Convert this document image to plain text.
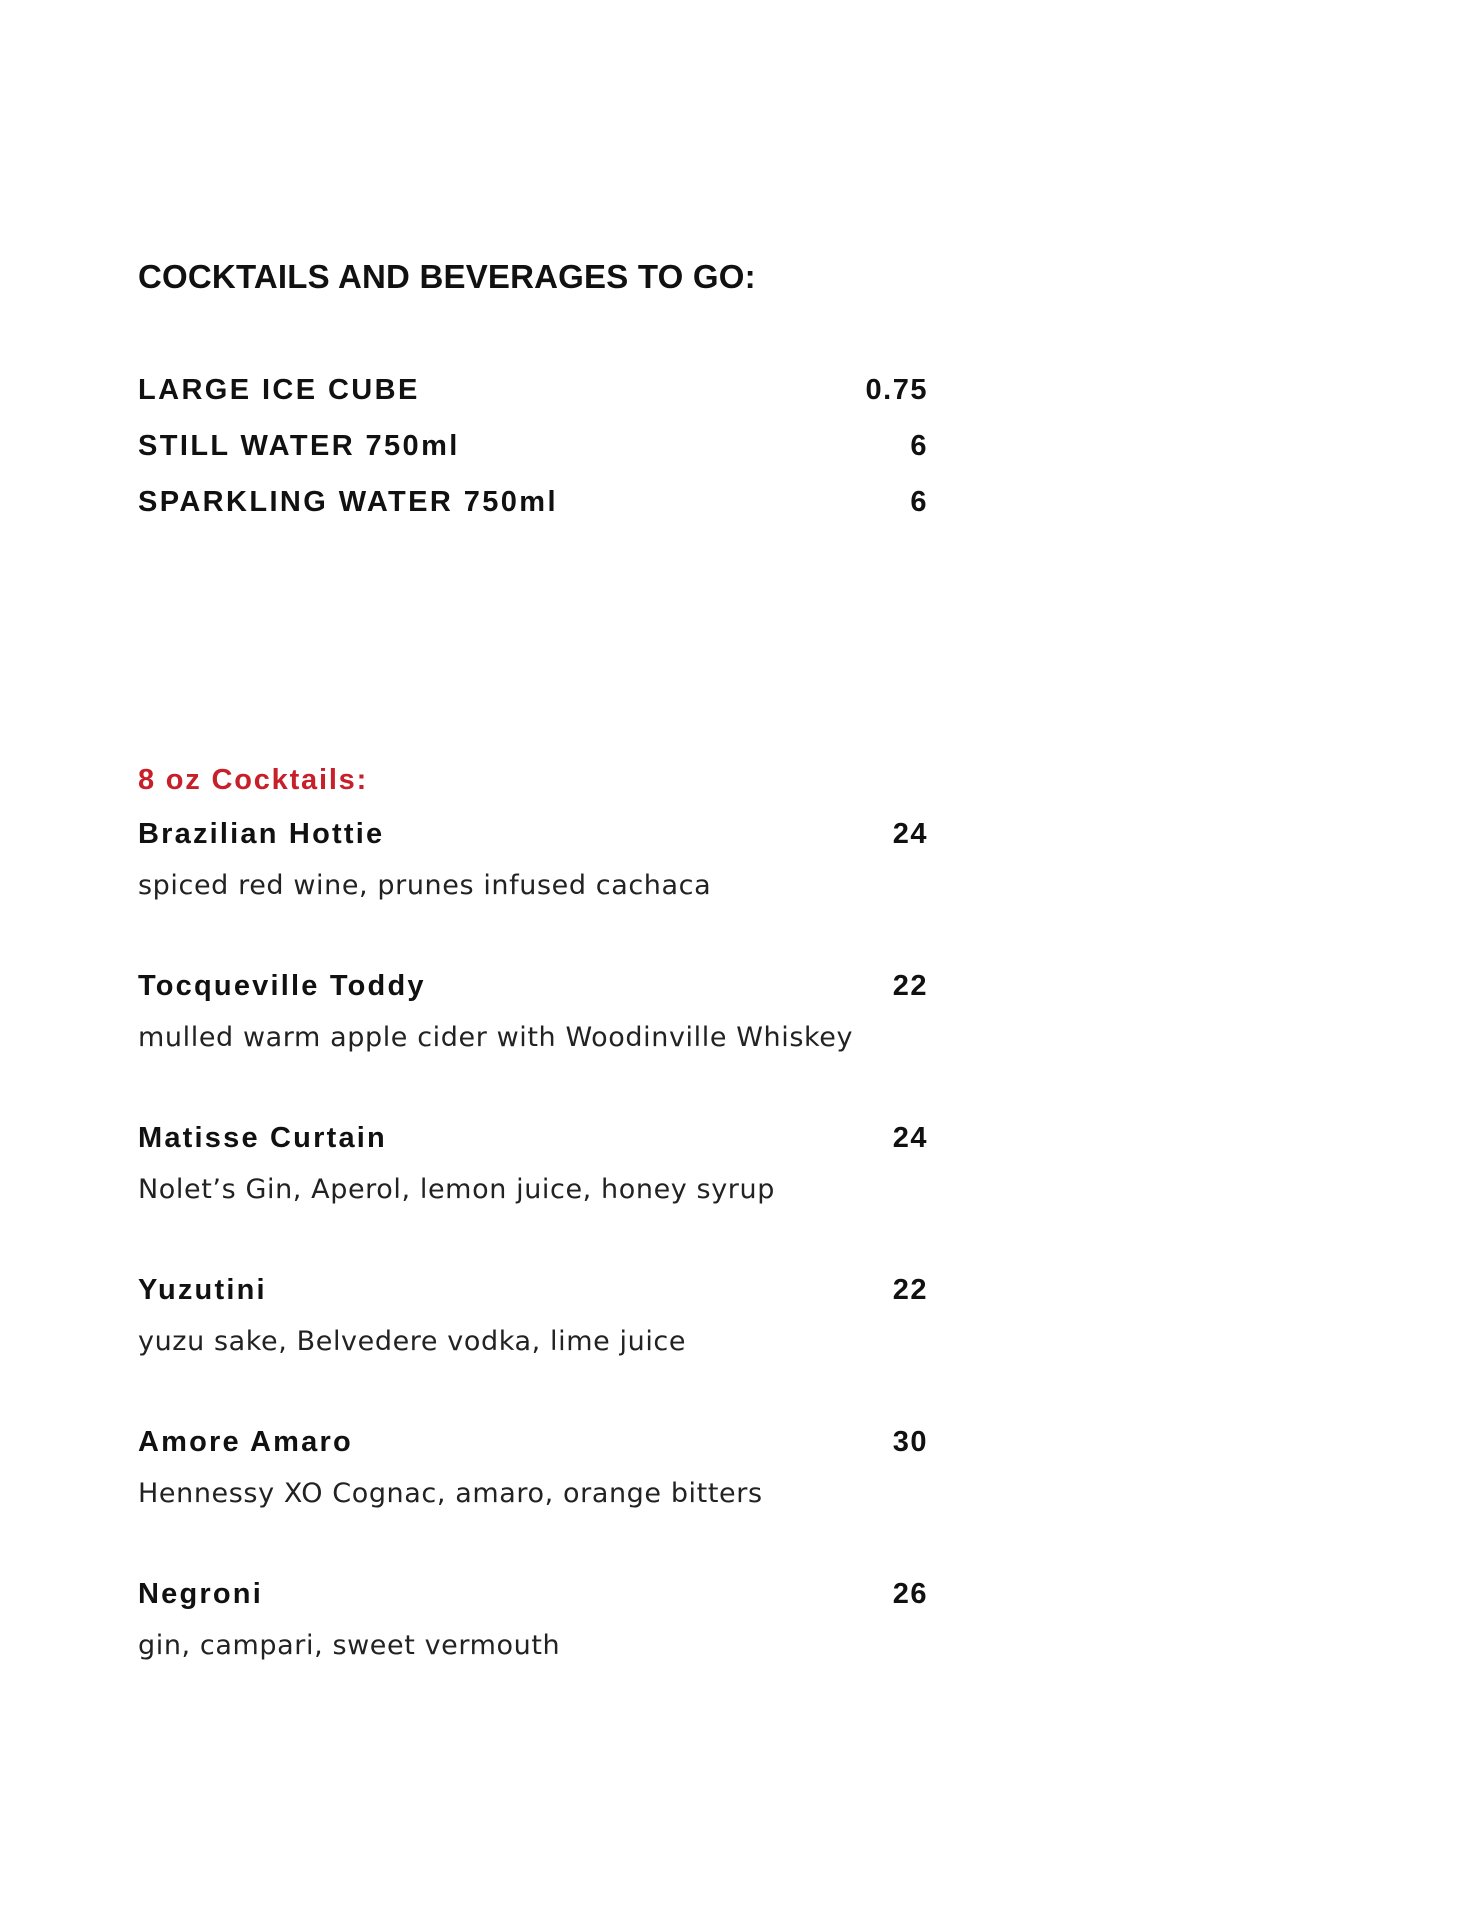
COCKTAILS AND BEVERAGES TO GO:
LARGE ICE CUBE	0.75
STILL WATER 750ml	6
SPARKLING WATER 750ml	6
8 oz Cocktails:
Brazilian Hottie	24
spiced red wine, prunes infused cachaca
Tocqueville Toddy	22
mulled warm apple cider with Woodinville Whiskey
Matisse Curtain	24
Nolet’s Gin, Aperol, lemon juice, honey syrup
Yuzutini	22
yuzu sake, Belvedere vodka, lime juice
Amore Amaro	30
Hennessy XO Cognac, amaro, orange bitters
Negroni	26
gin, campari, sweet vermouth
